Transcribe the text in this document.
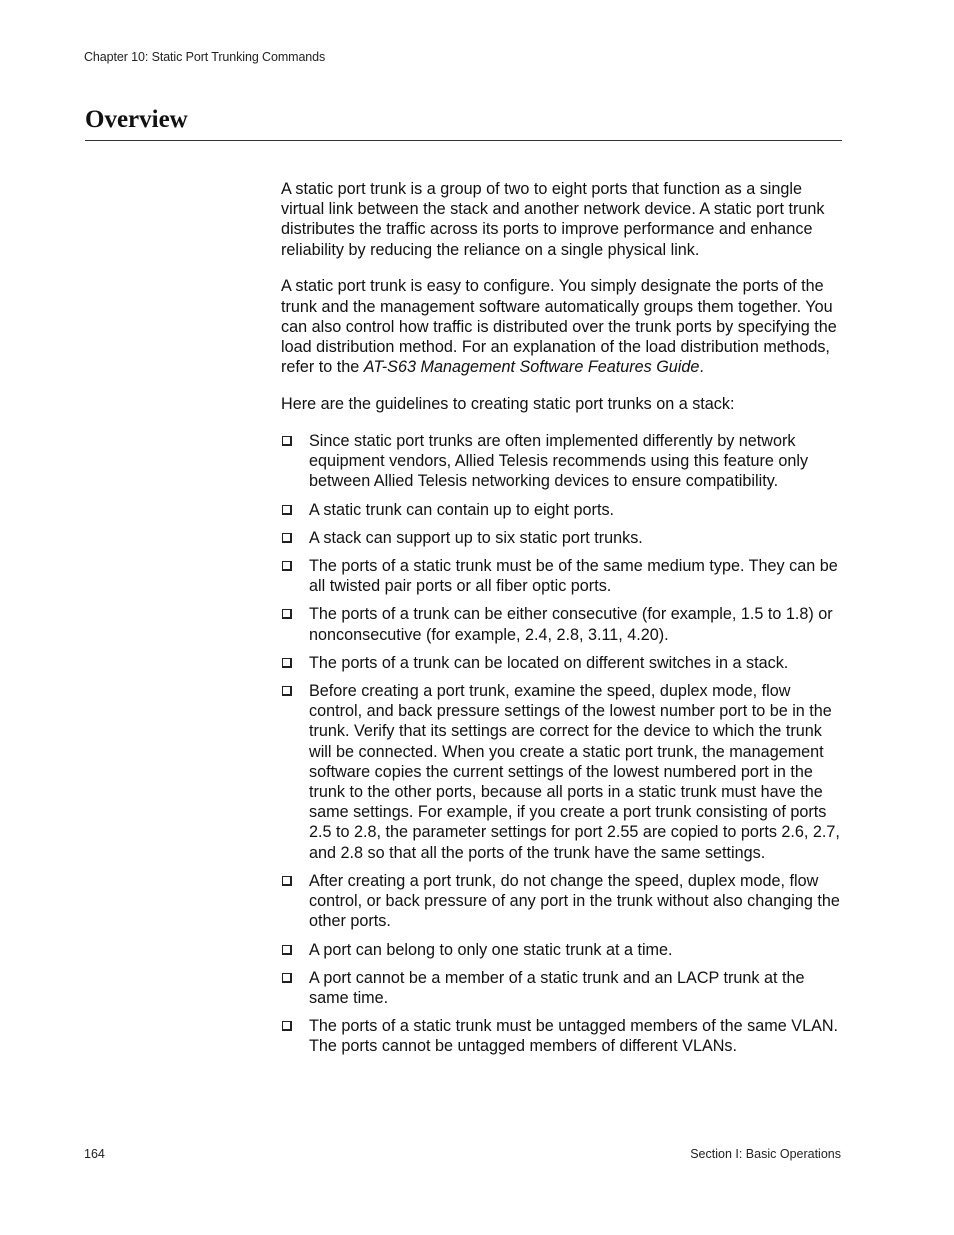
Chapter 10: Static Port Trunking Commands
Overview

A static port trunk is a group of two to eight ports that function as a single virtual link between the stack and another network device. A static port trunk distributes the traffic across its ports to improve performance and enhance reliability by reducing the reliance on a single physical link.

A static port trunk is easy to configure. You simply designate the ports of the trunk and the management software automatically groups them together. You can also control how traffic is distributed over the trunk ports by specifying the load distribution method. For an explanation of the load distribution methods, refer to the AT-S63 Management Software Features Guide.

Here are the guidelines to creating static port trunks on a stack:

Since static port trunks are often implemented differently by network equipment vendors, Allied Telesis recommends using this feature only between Allied Telesis networking devices to ensure compatibility.
A static trunk can contain up to eight ports.
A stack can support up to six static port trunks.
The ports of a static trunk must be of the same medium type. They can be all twisted pair ports or all fiber optic ports.
The ports of a trunk can be either consecutive (for example, 1.5 to 1.8) or nonconsecutive (for example, 2.4, 2.8, 3.11, 4.20).
The ports of a trunk can be located on different switches in a stack.
Before creating a port trunk, examine the speed, duplex mode, flow control, and back pressure settings of the lowest number port to be in the trunk. Verify that its settings are correct for the device to which the trunk will be connected. When you create a static port trunk, the management software copies the current settings of the lowest numbered port in the trunk to the other ports, because all ports in a static trunk must have the same settings. For example, if you create a port trunk consisting of ports 2.5 to 2.8, the parameter settings for port 2.55 are copied to ports 2.6, 2.7, and 2.8 so that all the ports of the trunk have the same settings.
After creating a port trunk, do not change the speed, duplex mode, flow control, or back pressure of any port in the trunk without also changing the other ports.
A port can belong to only one static trunk at a time.
A port cannot be a member of a static trunk and an LACP trunk at the same time.
The ports of a static trunk must be untagged members of the same VLAN. The ports cannot be untagged members of different VLANs.
164	Section I: Basic Operations
